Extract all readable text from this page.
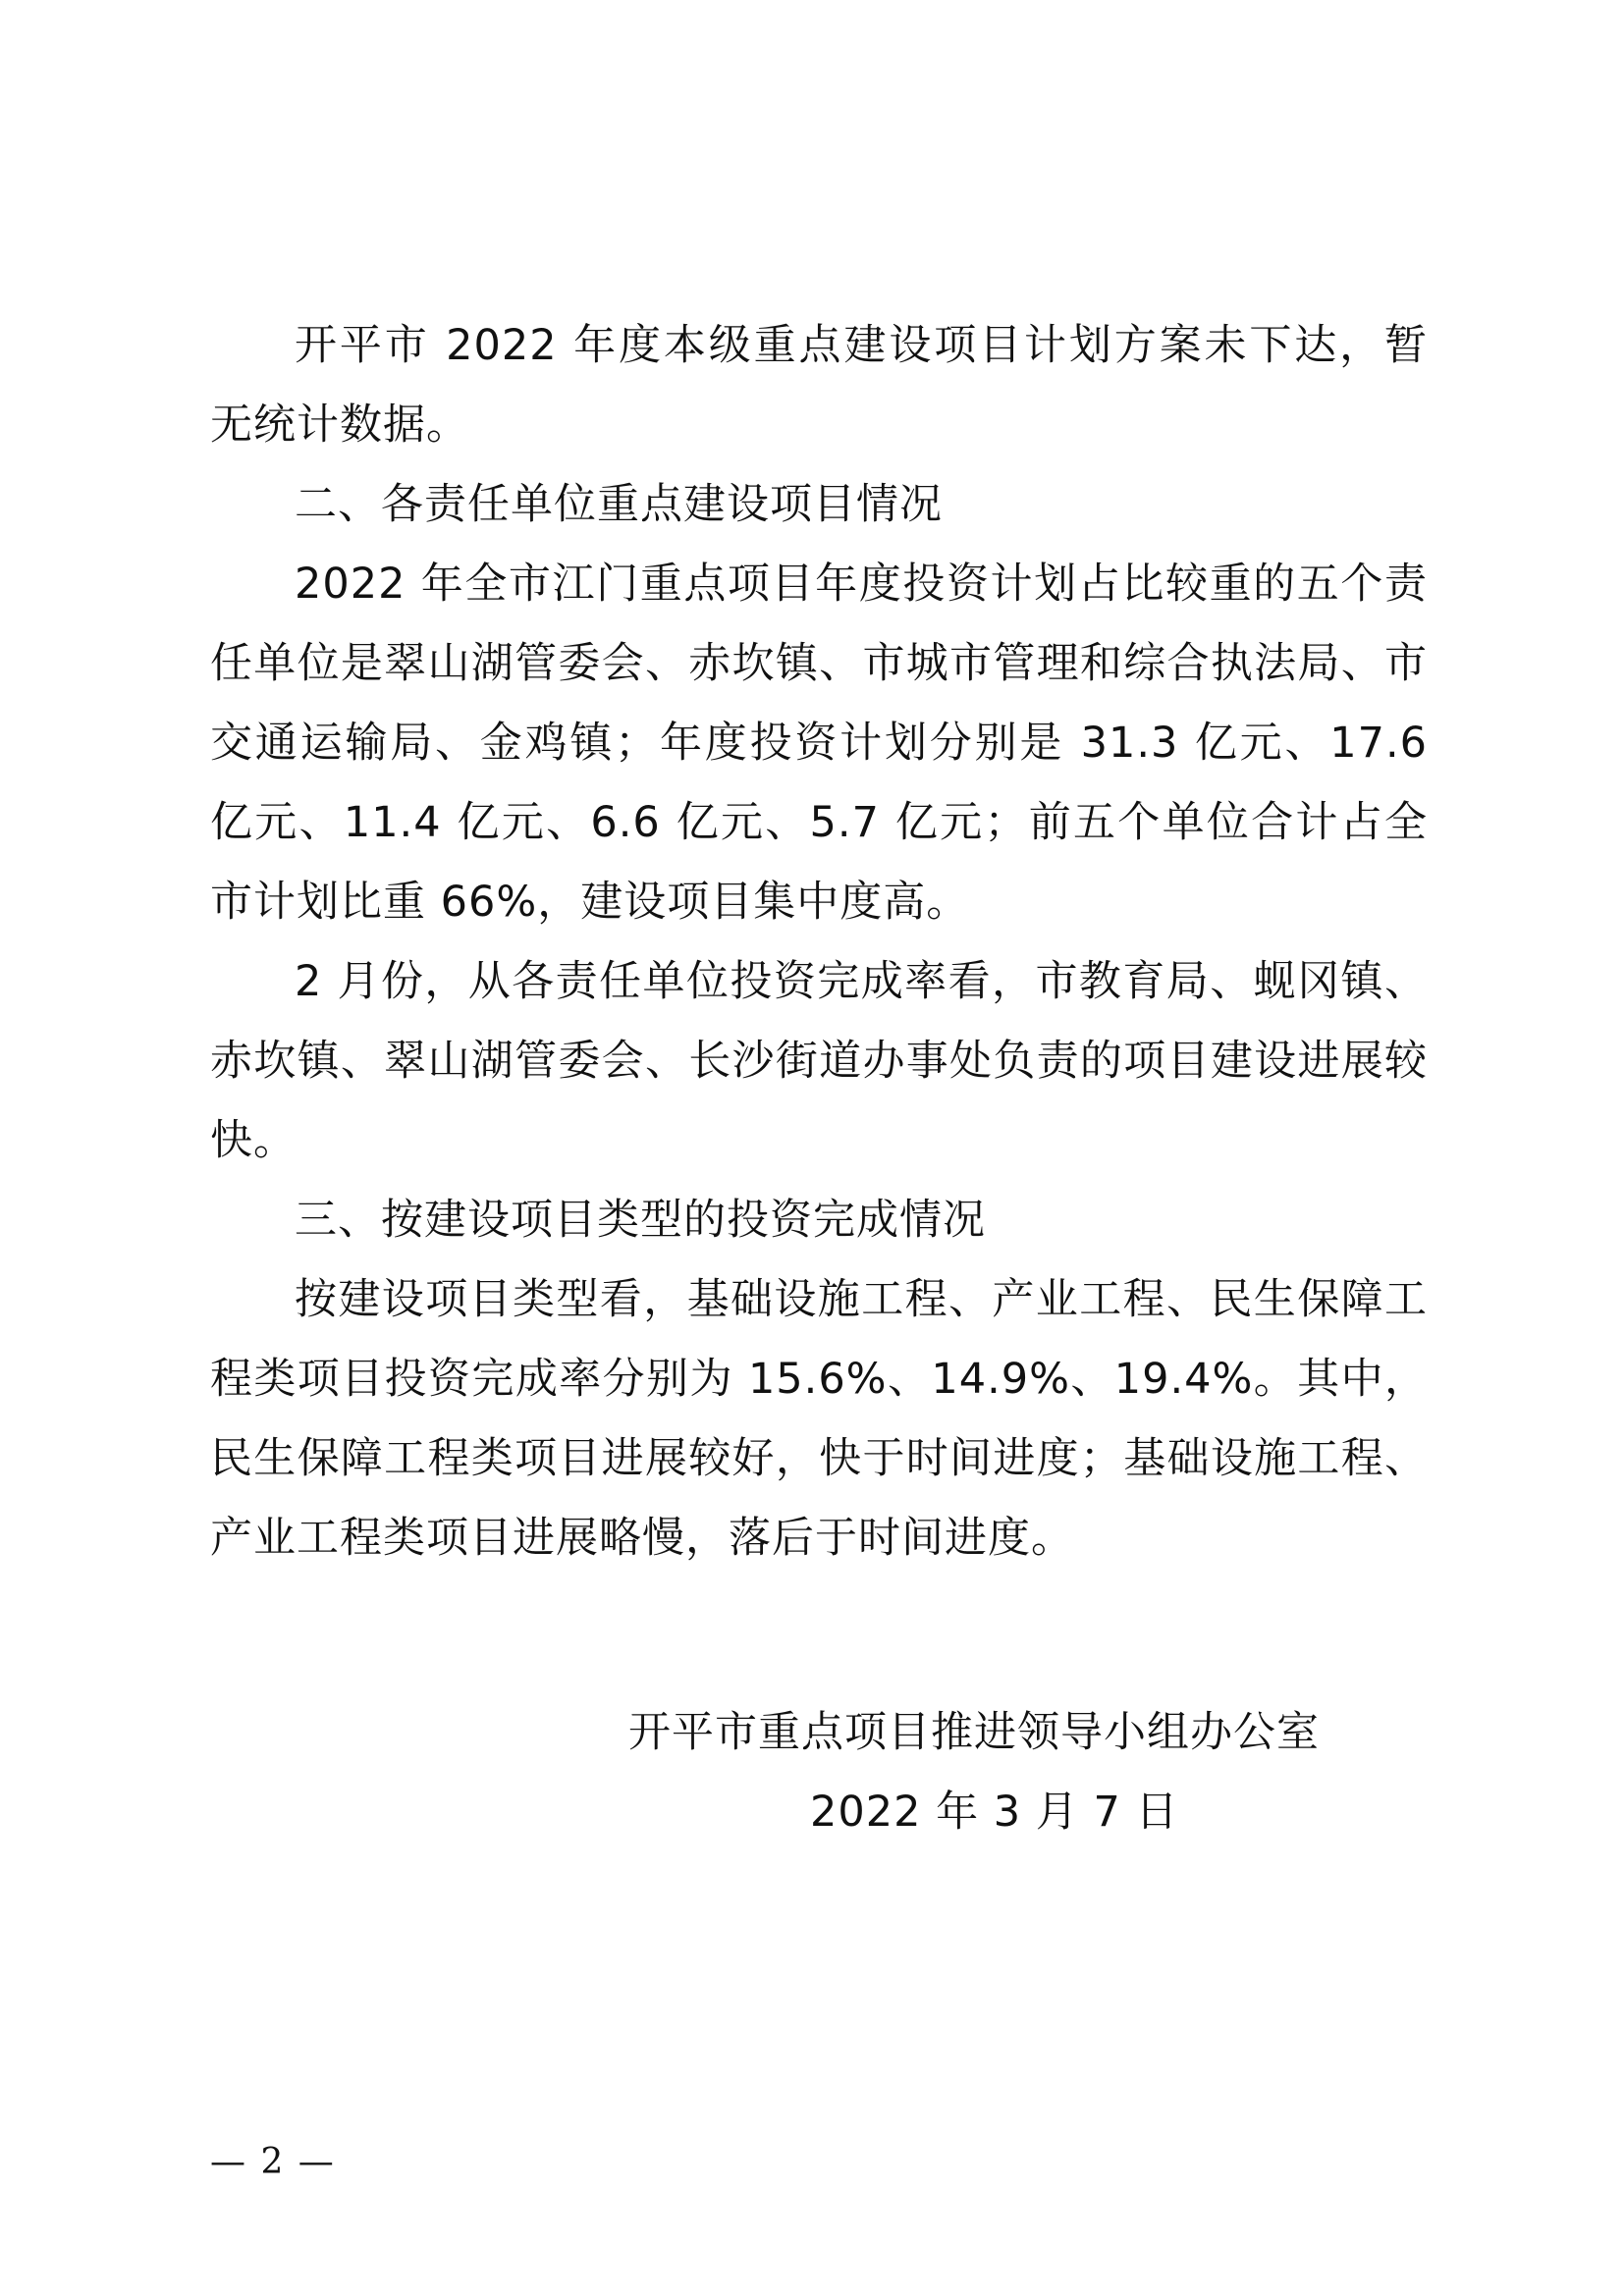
开平市 2022 年度本级重点建设项目计划方案未下达，暂无统计数据。

二、各责任单位重点建设项目情况

2022 年全市江门重点项目年度投资计划占比较重的五个责任单位是翠山湖管委会、赤坎镇、市城市管理和综合执法局、市交通运输局、金鸡镇；年度投资计划分别是 31.3 亿元、17.6 亿元、11.4 亿元、6.6 亿元、5.7 亿元；前五个单位合计占全市计划比重 66%，建设项目集中度高。

2 月份，从各责任单位投资完成率看，市教育局、蚬冈镇、赤坎镇、翠山湖管委会、长沙街道办事处负责的项目建设进展较快。

三、按建设项目类型的投资完成情况

按建设项目类型看，基础设施工程、产业工程、民生保障工程类项目投资完成率分别为 15.6%、14.9%、19.4%。其中，民生保障工程类项目进展较好，快于时间进度；基础设施工程、产业工程类项目进展略慢，落后于时间进度。

开平市重点项目推进领导小组办公室
2022 年 3 月 7 日
— 2 —
